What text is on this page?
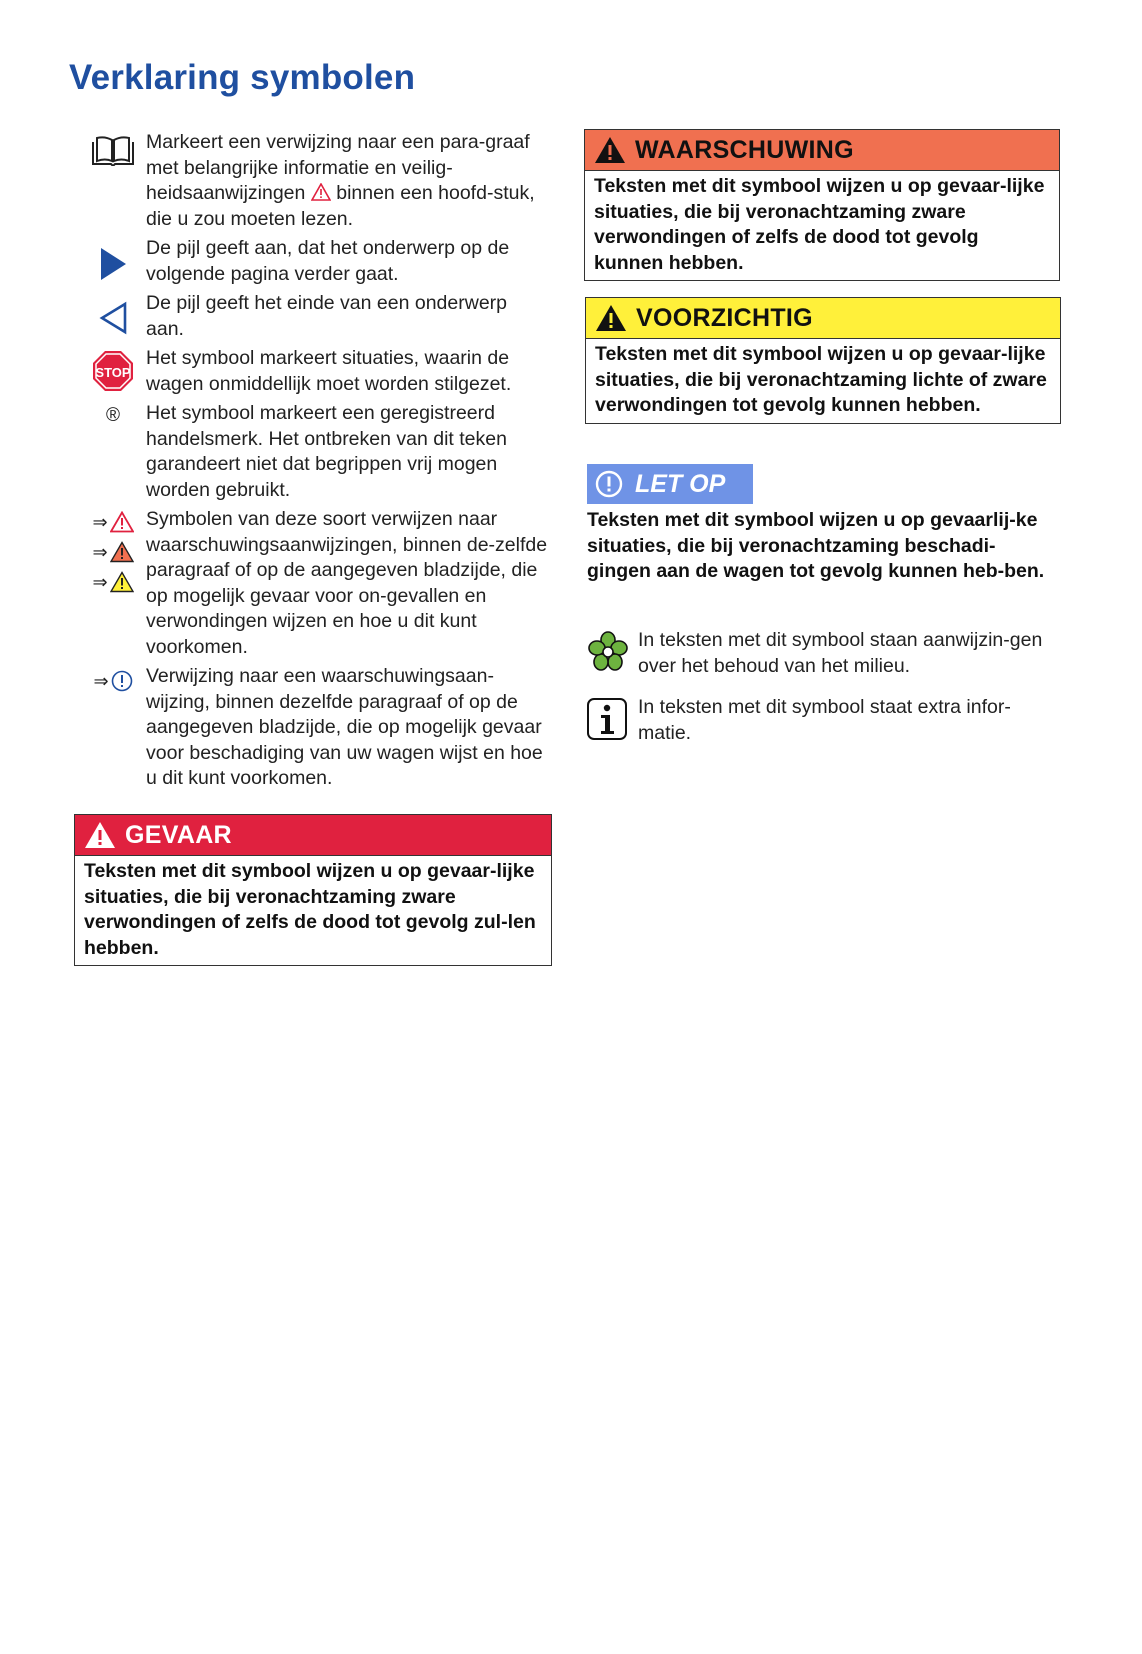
Verklaring symbolen
Markeert een verwijzing naar een para-graaf met belangrijke informatie en veilig-heidsaanwijzingen binnen een hoofd-stuk, die u zou moeten lezen.
De pijl geeft aan, dat het onderwerp op de volgende pagina verder gaat.
De pijl geeft het einde van een onderwerp aan.
STOP
Het symbool markeert situaties, waarin de wagen onmiddellijk moet worden stilgezet.
® Het symbool markeert een geregistreerd handelsmerk. Het ontbreken van dit teken garandeert niet dat begrippen vrij mogen worden gebruikt.
⇒
⇒
⇒
Symbolen van deze soort verwijzen naar waarschuwingsaanwijzingen, binnen de-zelfde paragraaf of op de aangegeven bladzijde, die op mogelijk gevaar voor on-gevallen en verwondingen wijzen en hoe u dit kunt voorkomen.
⇒ Verwijzing naar een waarschuwingsaan-wijzing, binnen dezelfde paragraaf of op de aangegeven bladzijde, die op mogelijk gevaar voor beschadiging van uw wagen wijst en hoe u dit kunt voorkomen.
GEVAAR
Teksten met dit symbool wijzen u op gevaar-lijke situaties, die bij veronachtzaming zware verwondingen of zelfs de dood tot gevolg zul-len hebben.
WAARSCHUWING
Teksten met dit symbool wijzen u op gevaar-lijke situaties, die bij veronachtzaming zware verwondingen of zelfs de dood tot gevolg kunnen hebben.
VOORZICHTIG
Teksten met dit symbool wijzen u op gevaar-lijke situaties, die bij veronachtzaming lichte of zware verwondingen tot gevolg kunnen hebben.
LET OP
Teksten met dit symbool wijzen u op gevaarlij-ke situaties, die bij veronachtzaming beschadi-gingen aan de wagen tot gevolg kunnen heb-ben.
In teksten met dit symbool staan aanwijzin-gen over het behoud van het milieu.
In teksten met dit symbool staat extra infor-matie.
